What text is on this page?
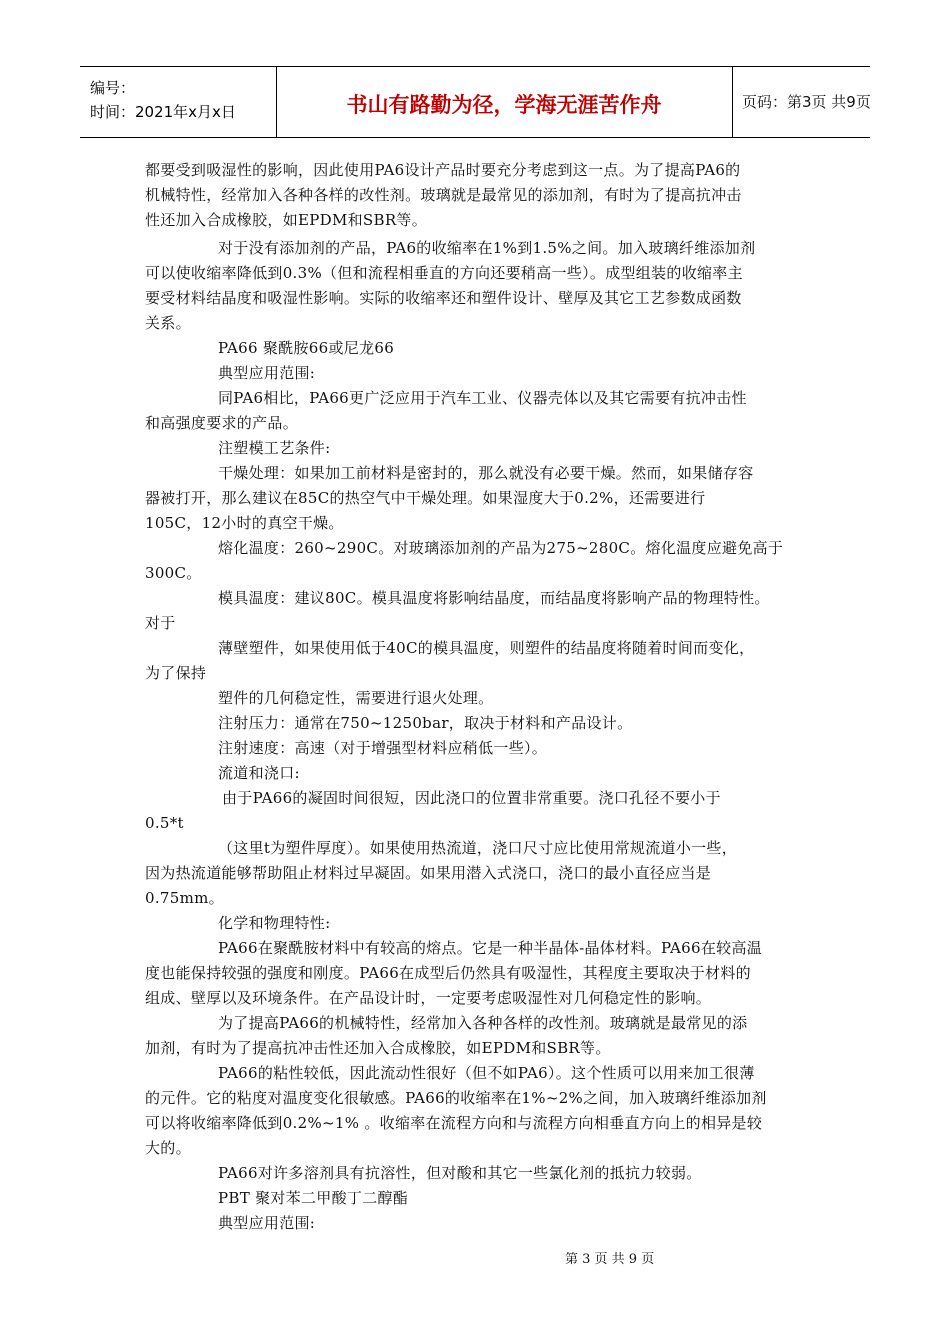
编号：
时间：2021年x月x日	书山有路勤为径，学海无涯苦作舟	页码：第3页 共9页
都要受到吸湿性的影响，因此使用PA6设计产品时要充分考虑到这一点。为了提高PA6的
机械特性，经常加入各种各样的改性剂。玻璃就是最常见的添加剂，有时为了提高抗冲击
性还加入合成橡胶，如EPDM和SBR等。
对于没有添加剂的产品，PA6的收缩率在1%到1.5%之间。加入玻璃纤维添加剂
可以使收缩率降低到0.3%（但和流程相垂直的方向还要稍高一些）。成型组装的收缩率主
要受材料结晶度和吸湿性影响。实际的收缩率还和塑件设计、壁厚及其它工艺参数成函数
关系。
PA66 聚酰胺66或尼龙66
典型应用范围:
同PA6相比，PA66更广泛应用于汽车工业、仪器壳体以及其它需要有抗冲击性
和高强度要求的产品。
注塑模工艺条件:
干燥处理：如果加工前材料是密封的，那么就没有必要干燥。然而，如果储存容
器被打开，那么建议在85C的热空气中干燥处理。如果湿度大于0.2%，还需要进行
105C，12小时的真空干燥。
熔化温度：260~290C。对玻璃添加剂的产品为275~280C。熔化温度应避免高于
300C。
模具温度：建议80C。模具温度将影响结晶度，而结晶度将影响产品的物理特性。
对于
薄壁塑件，如果使用低于40C的模具温度，则塑件的结晶度将随着时间而变化，
为了保持
塑件的几何稳定性，需要进行退火处理。
注射压力：通常在750~1250bar，取决于材料和产品设计。
注射速度：高速（对于增强型材料应稍低一些）。
流道和浇口:
由于PA66的凝固时间很短，因此浇口的位置非常重要。浇口孔径不要小于
0.5*t
（这里t为塑件厚度）。如果使用热流道，浇口尺寸应比使用常规流道小一些，
因为热流道能够帮助阻止材料过早凝固。如果用潜入式浇口，浇口的最小直径应当是
0.75mm。
化学和物理特性:
PA66在聚酰胺材料中有较高的熔点。它是一种半晶体-晶体材料。PA66在较高温
度也能保持较强的强度和刚度。PA66在成型后仍然具有吸湿性，其程度主要取决于材料的
组成、壁厚以及环境条件。在产品设计时，一定要考虑吸湿性对几何稳定性的影响。
为了提高PA66的机械特性，经常加入各种各样的改性剂。玻璃就是最常见的添
加剂，有时为了提高抗冲击性还加入合成橡胶，如EPDM和SBR等。
PA66的粘性较低，因此流动性很好（但不如PA6）。这个性质可以用来加工很薄
的元件。它的粘度对温度变化很敏感。PA66的收缩率在1%~2%之间，加入玻璃纤维添加剂
可以将收缩率降低到0.2%~1% 。收缩率在流程方向和与流程方向相垂直方向上的相异是较
大的。
PA66对许多溶剂具有抗溶性，但对酸和其它一些氯化剂的抵抗力较弱。
PBT 聚对苯二甲酸丁二醇酯
典型应用范围:
第 3 页 共 9 页
